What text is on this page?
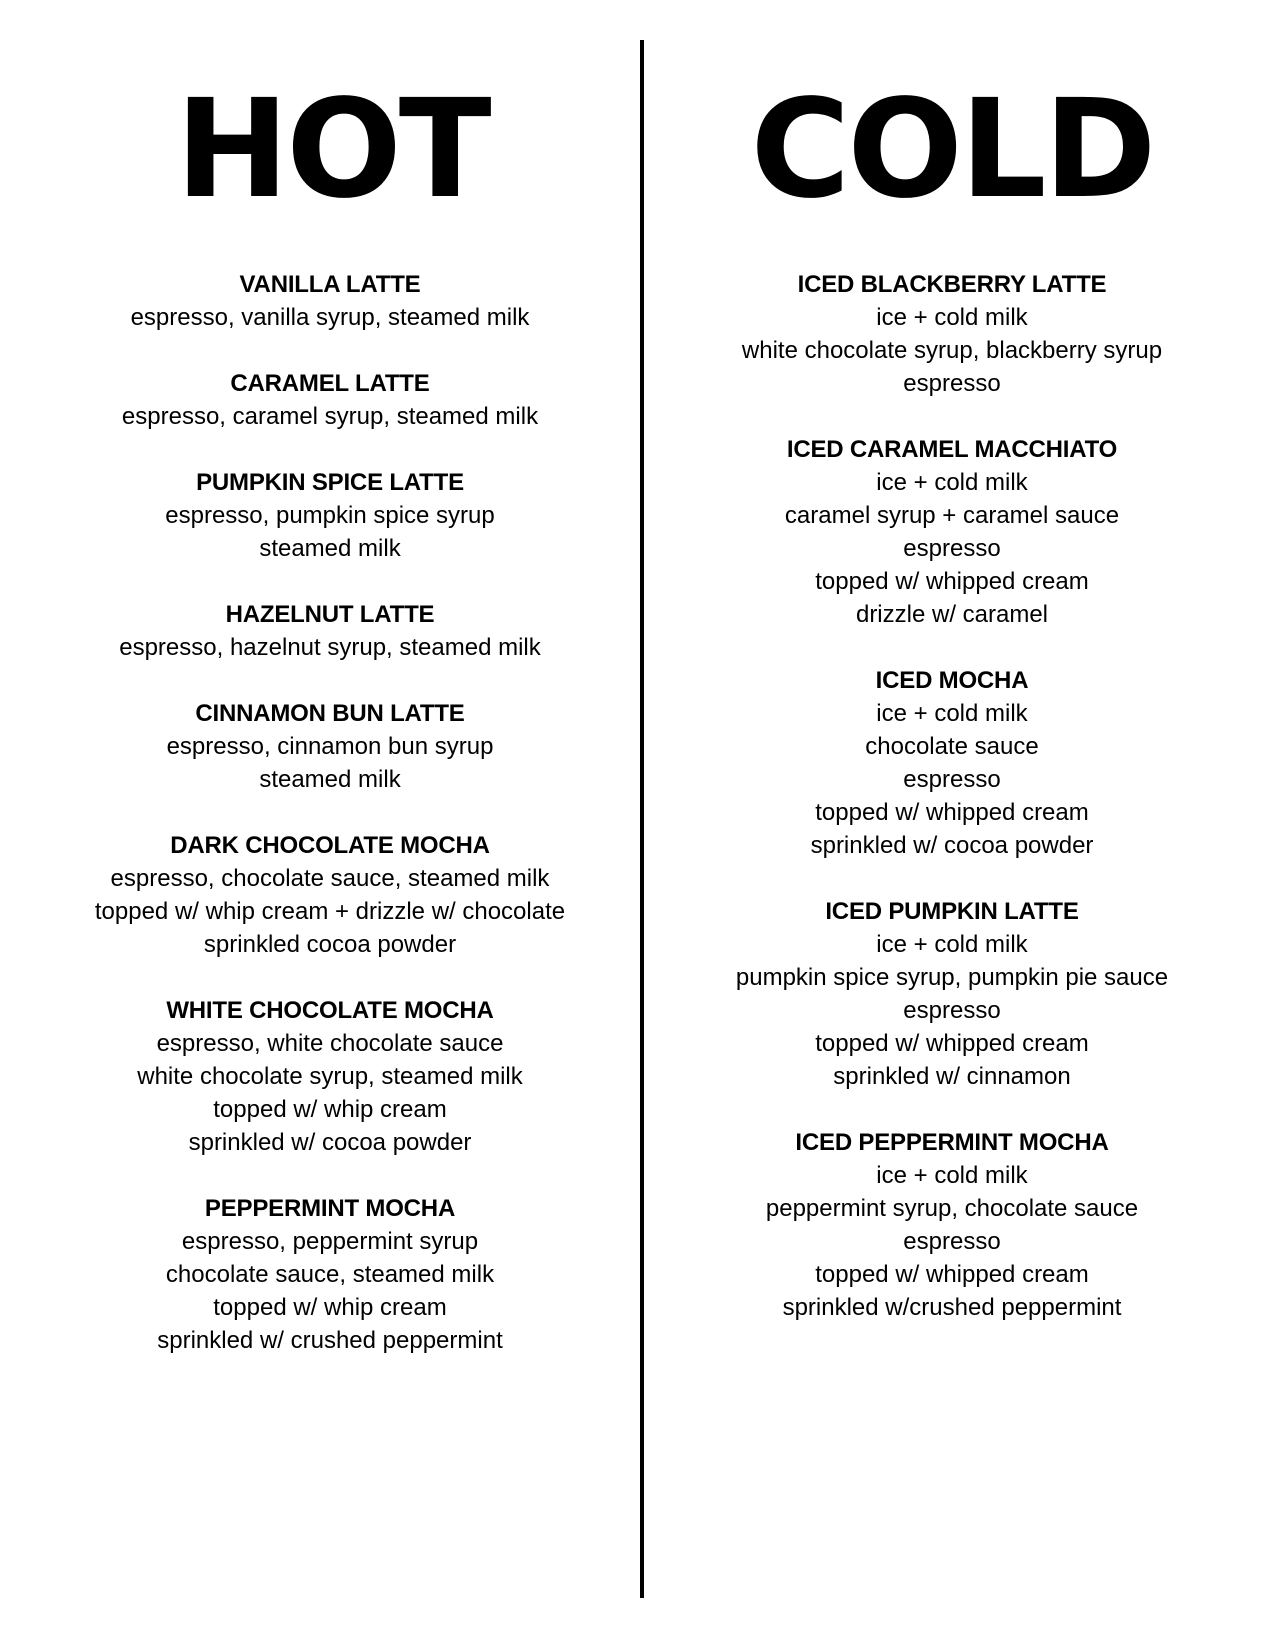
HOT
VANILLA LATTE
espresso, vanilla syrup, steamed milk
CARAMEL LATTE
espresso, caramel syrup, steamed milk
PUMPKIN SPICE LATTE
espresso, pumpkin spice syrup
steamed milk
HAZELNUT LATTE
espresso, hazelnut syrup, steamed milk
CINNAMON BUN LATTE
espresso, cinnamon bun syrup
steamed milk
DARK CHOCOLATE MOCHA
espresso, chocolate sauce, steamed milk
topped w/ whip cream + drizzle w/ chocolate
sprinkled cocoa powder
WHITE CHOCOLATE MOCHA
espresso, white chocolate sauce
white chocolate syrup, steamed milk
topped w/ whip cream
sprinkled w/ cocoa powder
PEPPERMINT MOCHA
espresso, peppermint syrup
chocolate sauce, steamed milk
topped w/ whip cream
sprinkled w/ crushed peppermint
COLD
ICED BLACKBERRY LATTE
ice + cold milk
white chocolate syrup, blackberry syrup
espresso
ICED CARAMEL MACCHIATO
ice + cold milk
caramel syrup + caramel sauce
espresso
topped w/ whipped cream
drizzle w/ caramel
ICED MOCHA
ice + cold milk
chocolate sauce
espresso
topped w/ whipped cream
sprinkled w/ cocoa powder
ICED PUMPKIN LATTE
ice + cold milk
pumpkin spice syrup, pumpkin pie sauce
espresso
topped w/ whipped cream
sprinkled w/ cinnamon
ICED PEPPERMINT MOCHA
ice + cold milk
peppermint syrup, chocolate sauce
espresso
topped w/ whipped cream
sprinkled w/crushed peppermint
